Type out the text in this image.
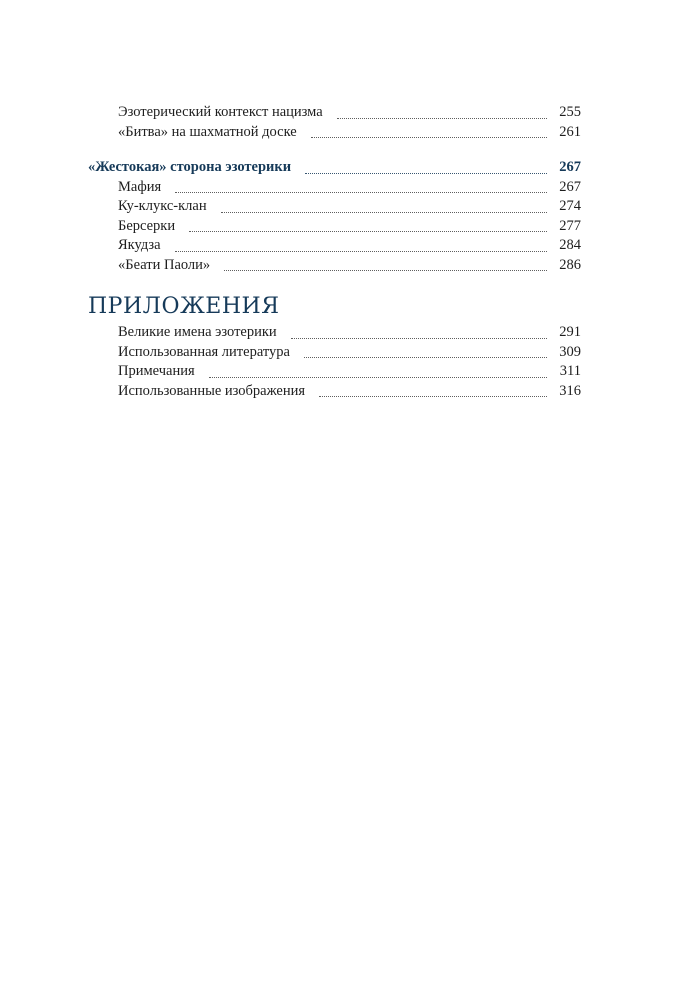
Эзотерический контекст нацизма	255
«Битва» на шахматной доске	261
«Жестокая» сторона эзотерики	267
Мафия	267
Ку-клукс-клан	274
Берсерки	277
Якудза	284
«Беати Паоли»	286
ПРИЛОЖЕНИЯ
Великие имена эзотерики	291
Использованная литература	309
Примечания	311
Использованные изображения	316
